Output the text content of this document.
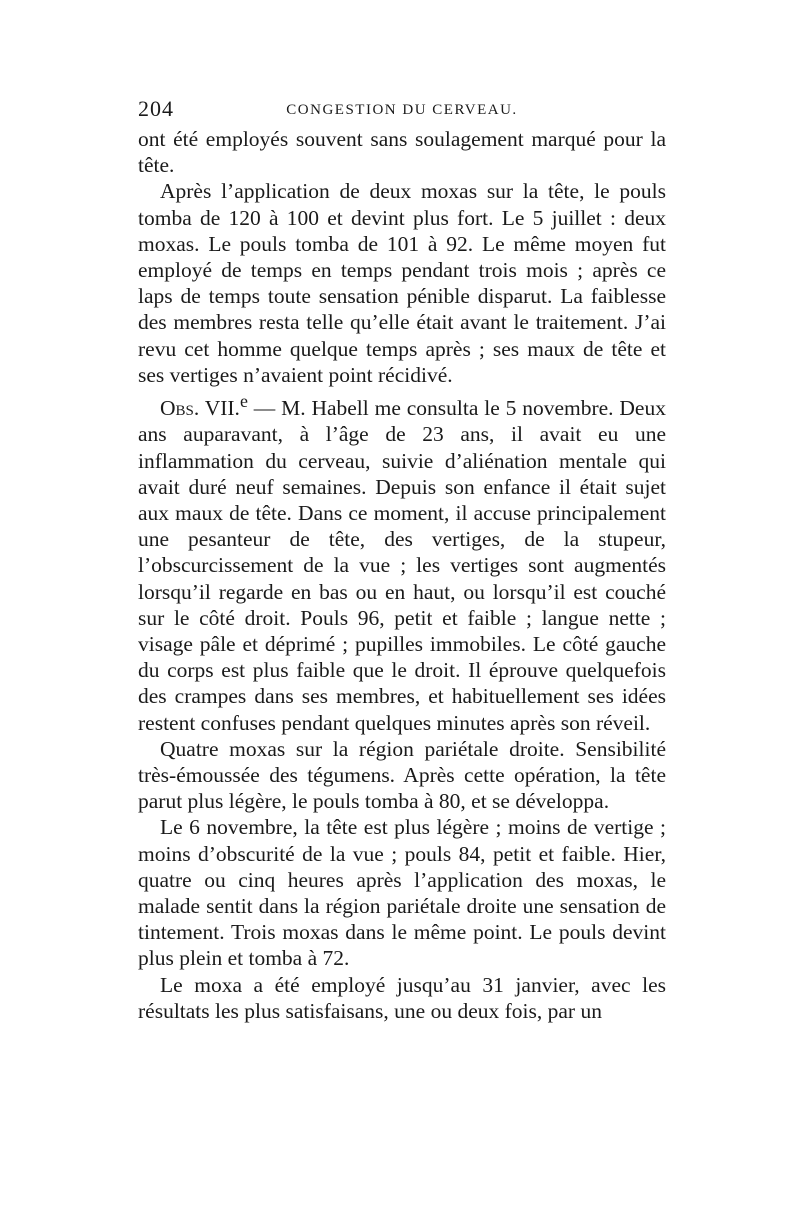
204	CONGESTION DU CERVEAU.

ont été employés souvent sans soulagement marqué pour la tête.

Après l’application de deux moxas sur la tête, le pouls tomba de 120 à 100 et devint plus fort. Le 5 juillet : deux moxas. Le pouls tomba de 101 à 92. Le même moyen fut employé de temps en temps pendant trois mois ; après ce laps de temps toute sensation pénible disparut. La faiblesse des membres resta telle qu’elle était avant le traitement. J’ai revu cet homme quelque temps après ; ses maux de tête et ses vertiges n’avaient point récidivé.

Obs. VII.$^e$ — M. Habell me consulta le 5 novembre. Deux ans auparavant, à l’âge de 23 ans, il avait eu une inflammation du cerveau, suivie d’aliénation mentale qui avait duré neuf semaines. Depuis son enfance il était sujet aux maux de tête. Dans ce moment, il accuse principalement une pesanteur de tête, des vertiges, de la stupeur, l’obscurcissement de la vue ; les vertiges sont augmentés lorsqu’il regarde en bas ou en haut, ou lorsqu’il est couché sur le côté droit. Pouls 96, petit et faible ; langue nette ; visage pâle et déprimé ; pupilles immobiles. Le côté gauche du corps est plus faible que le droit. Il éprouve quelquefois des crampes dans ses membres, et habituellement ses idées restent confuses pendant quelques minutes après son réveil.

Quatre moxas sur la région pariétale droite. Sensibilité très-émoussée des tégumens. Après cette opération, la tête parut plus légère, le pouls tomba à 80, et se développa.

Le 6 novembre, la tête est plus légère ; moins de vertige ; moins d’obscurité de la vue ; pouls 84, petit et faible. Hier, quatre ou cinq heures après l’application des moxas, le malade sentit dans la région pariétale droite une sensation de tintement. Trois moxas dans le même point. Le pouls devint plus plein et tomba à 72.

Le moxa a été employé jusqu’au 31 janvier, avec les résultats les plus satisfaisans, une ou deux fois, par un
